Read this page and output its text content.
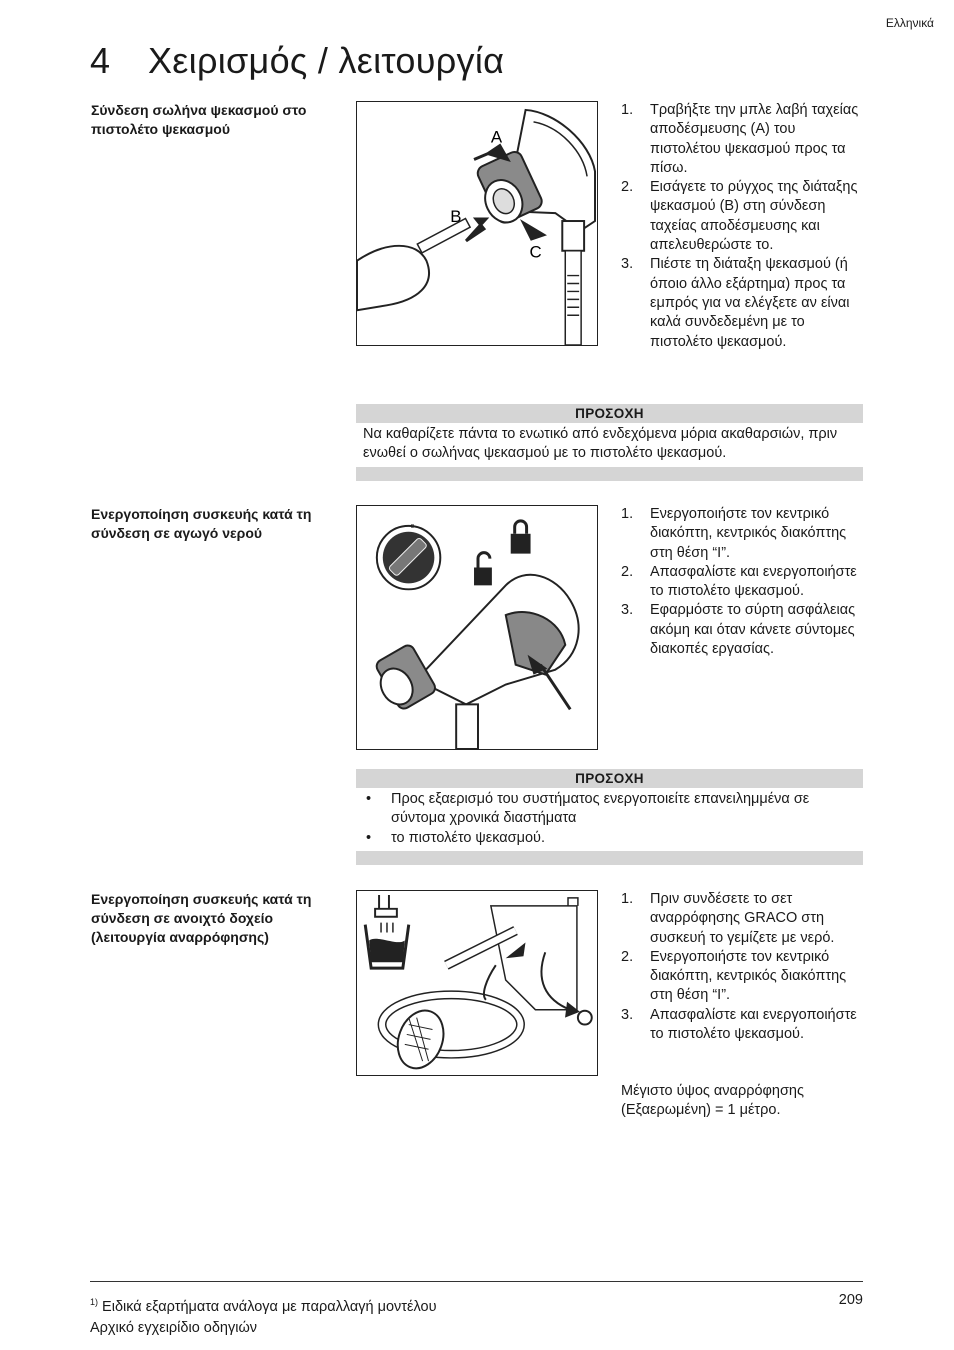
Ελληνικά
4 Χειρισμός / λειτουργία
Σύνδεση σωλήνα ψεκασμού στο πιστολέτο ψεκασμού	A
B
C
1. Τραβήξτε την μπλε λαβή ταχείας αποδέσμευσης (A) του πιστολέτου ψεκασμού προς τα πίσω.
2. Εισάγετε το ρύγχος της διάταξης ψεκασμού (B) στη σύνδεση ταχείας αποδέσμευσης και απελευθερώστε το.
3. Πιέστε τη διάταξη ψεκασμού (ή όποιο άλλο εξάρτημα) προς τα εμπρός για να ελέγξετε αν είναι καλά συνδεδεμένη με το πιστολέτο ψεκασμού.
ΠΡΟΣΟΧΗ
Να καθαρίζετε πάντα το ενωτικό από ενδεχόμενα μόρια ακαθαρσιών, πριν ενωθεί ο σωλήνας ψεκασμού με το πιστολέτο ψεκασμού.
Ενεργοποίηση συσκευής κατά τη σύνδεση σε αγωγό νερού	o
1. Ενεργοποιήστε τον κεντρικό διακόπτη, κεντρικός διακόπτης στη θέση “I”.
2. Απασφαλίστε και ενεργοποιήστε το πιστολέτο ψεκασμού.
3. Εφαρμόστε το σύρτη ασφάλειας ακόμη και όταν κάνετε σύντομες διακοπές εργασίας.
ΠΡΟΣΟΧΗ
• Προς εξαερισμό του συστήματος ενεργοποιείτε επανειλημμένα σε σύντομα χρονικά διαστήματα
• το πιστολέτο ψεκασμού.
Ενεργοποίηση συσκευής κατά τη σύνδεση σε ανοιχτό δοχείο (λειτουργία αναρρόφησης)
1. Πριν συνδέσετε το σετ αναρρόφησης GRACO στη συσκευή το γεμίζετε με νερό.
2. Ενεργοποιήστε τον κεντρικό διακόπτη, κεντρικός διακόπτης στη θέση “I”.
3. Απασφαλίστε και ενεργοποιήστε το πιστολέτο ψεκασμού.
Μέγιστο ύψος αναρρόφησης (Εξαερωμένη) = 1 μέτρο.
$^{1)}$ Ειδικά εξαρτήματα ανάλογα με παραλλαγή μοντέλου
Αρχικό εγχειρίδιο οδηγιών
209
